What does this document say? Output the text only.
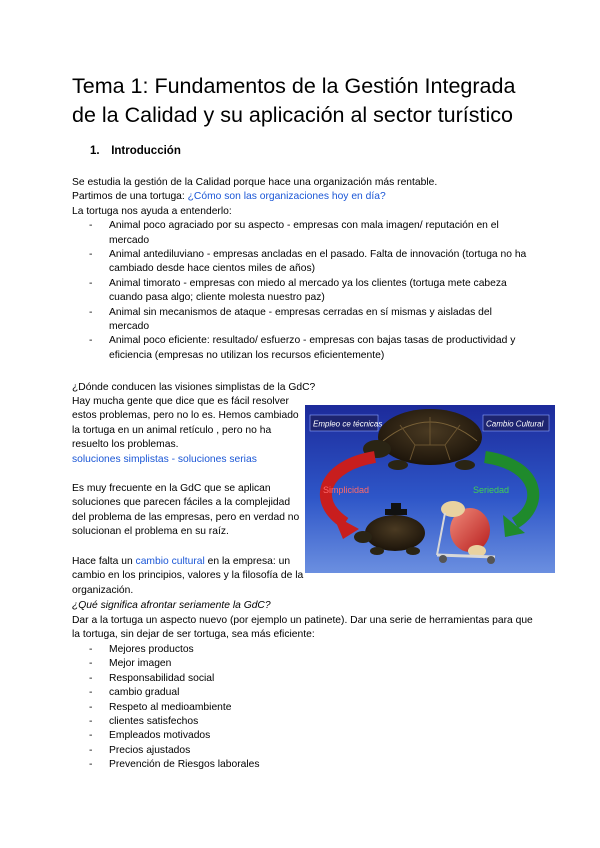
Tema 1: Fundamentos de la Gestión Integrada de la Calidad y su aplicación al sector turístico
1. Introducción
Se estudia la gestión de la Calidad porque hace una organización más rentable.
Partimos de una tortuga: ¿Cómo son las organizaciones hoy en día?
La tortuga nos ayuda a entenderlo:
- Animal poco agraciado por su aspecto - empresas con mala imagen/ reputación en el mercado
- Animal antediluviano - empresas ancladas en el pasado. Falta de innovación (tortuga no ha cambiado desde hace cientos miles de años)
- Animal timorato - empresas con miedo al mercado ya los clientes (tortuga mete cabeza cuando pasa algo; cliente molesta nuestro paz)
- Animal sin mecanismos de ataque - empresas cerradas en sí mismas y aisladas del mercado
- Animal poco eficiente: resultado/ esfuerzo - empresas con bajas tasas de productividad y eficiencia (empresas no utilizan los recursos eficientemente)
¿Dónde conducen las visiones simplistas de la GdC?
Hay mucha gente que dice que es fácil resolver estos problemas, pero no lo es. Hemos cambiado la tortuga en un animal retículo , pero no ha resuelto los problemas.
soluciones simplistas - soluciones serias
Es muy frecuente en la GdC que se aplican soluciones que parecen fáciles a la complejidad del problema de las empresas, pero en verdad no solucionan el problema en su raíz.
Hace falta un cambio cultural en la empresa: un cambio en los principios, valores y la filosofía de la organización.
¿Qué significa afrontar seriamente la GdC?
Dar a la tortuga un aspecto nuevo (por ejemplo un patinete). Dar una serie de herramientas para que la tortuga, sin dejar de ser tortuga, sea más eficiente:
- Mejores productos
- Mejor imagen
- Responsabilidad social
- cambio gradual
- Respeto al medioambiente
- clientes satisfechos
- Empleados motivados
- Precios ajustados
- Prevención de Riesgos laborales
Empleo ce técnicas	Cambio Cultural
Simplicidad	Seriedad
